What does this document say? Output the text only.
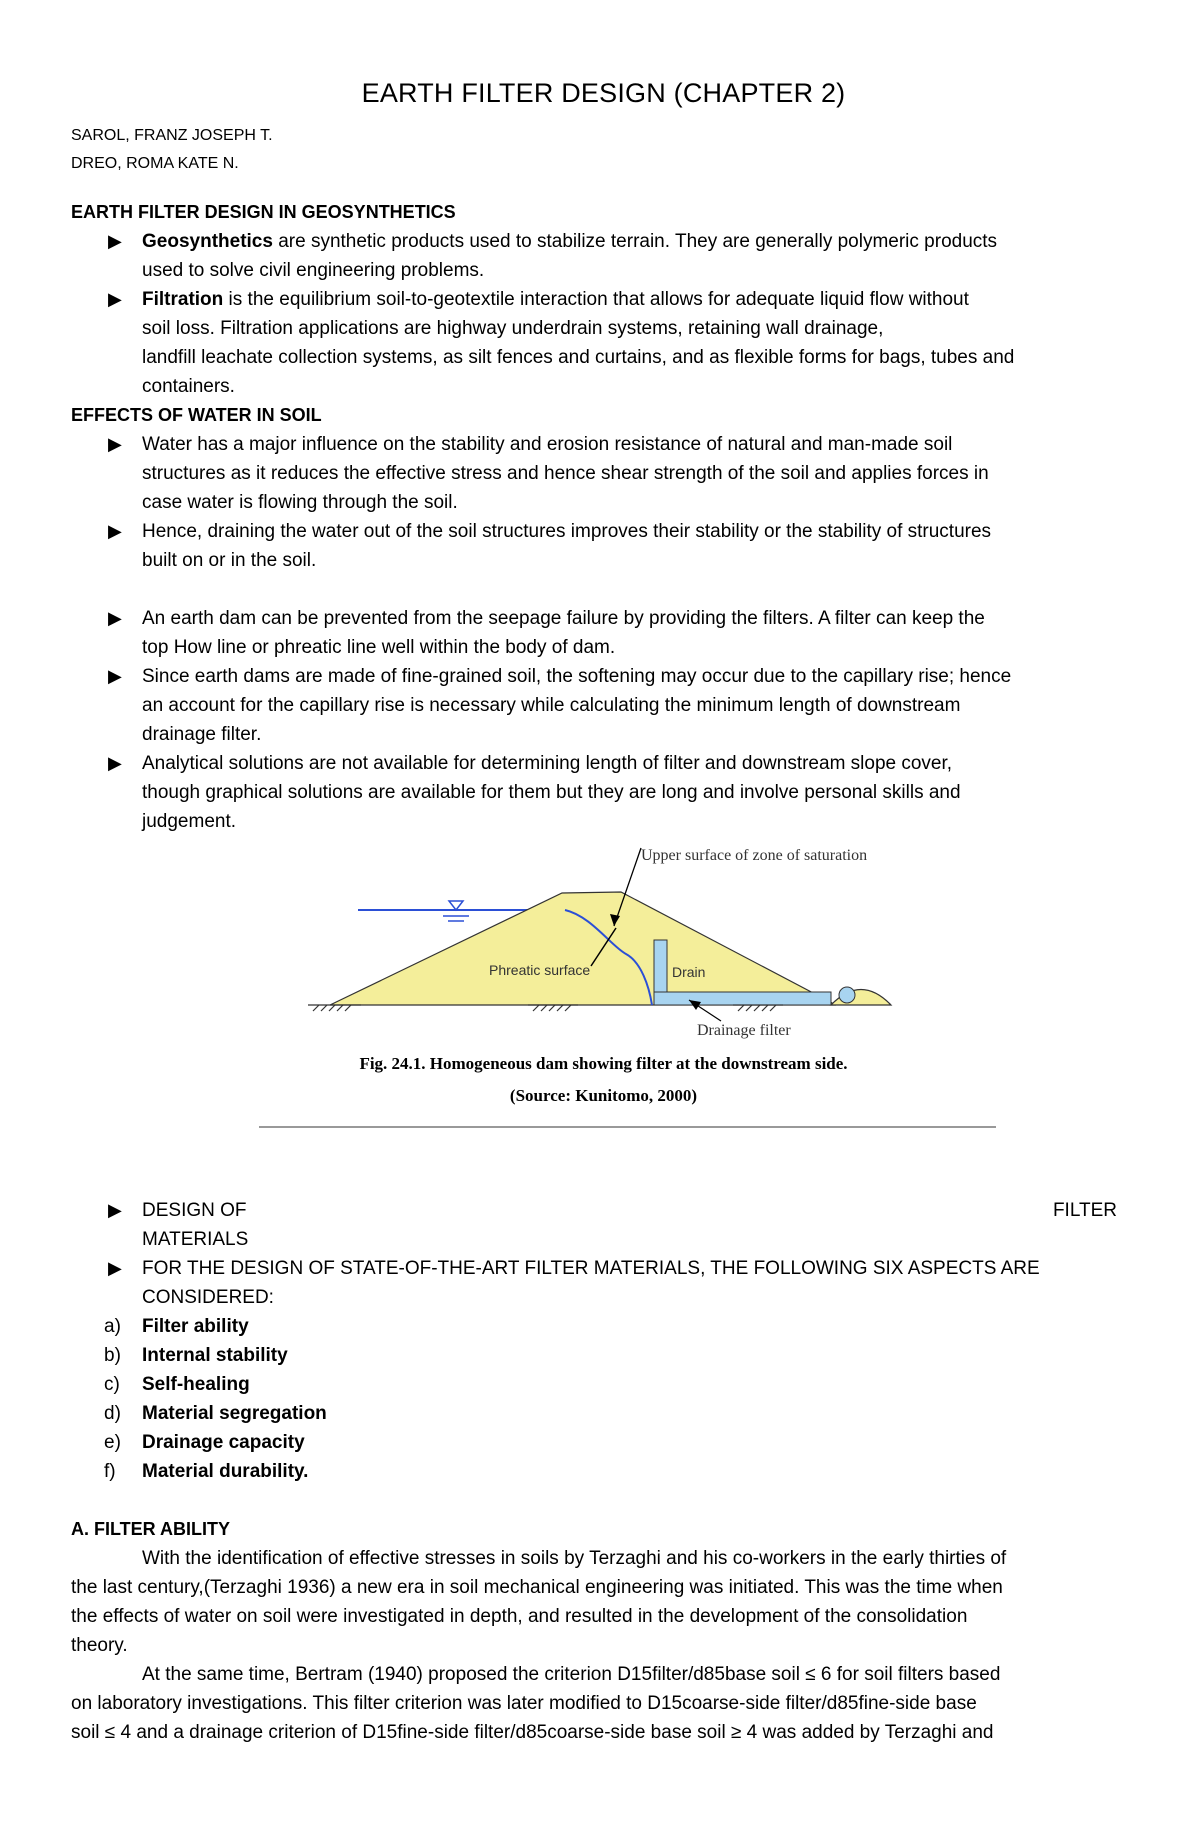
EARTH FILTER DESIGN (CHAPTER 2)

SAROL, FRANZ JOSEPH T.

DREO, ROMA KATE N.

EARTH FILTER DESIGN IN GEOSYNTHETICS

▶ Geosynthetics are synthetic products used to stabilize terrain. They are generally polymeric products
used to solve civil engineering problems.
▶ Filtration is the equilibrium soil-to-geotextile interaction that allows for adequate liquid flow without
soil loss. Filtration applications are highway underdrain systems, retaining wall drainage,
landfill leachate collection systems, as silt fences and curtains, and as flexible forms for bags, tubes and
containers.

EFFECTS OF WATER IN SOIL

▶ Water has a major influence on the stability and erosion resistance of natural and man-made soil
structures as it reduces the effective stress and hence shear strength of the soil and applies forces in
case water is flowing through the soil.
▶ Hence, draining the water out of the soil structures improves their stability or the stability of structures
built on or in the soil.
▶ An earth dam can be prevented from the seepage failure by providing the filters. A filter can keep the
top How line or phreatic line well within the body of dam.
▶ Since earth dams are made of fine-grained soil, the softening may occur due to the capillary rise; hence
an account for the capillary rise is necessary while calculating the minimum length of downstream
drainage filter.
▶ Analytical solutions are not available for determining length of filter and downstream slope cover,
though graphical solutions are available for them but they are long and involve personal skills and
judgement.
Upper surface of zone of saturation
Phreatic surface	Drain
Drainage filter
Fig. 24.1. Homogeneous dam showing filter at the downstream side.
(Source: Kunitomo, 2000)
▶ DESIGN OF	FILTER
MATERIALS
▶ FOR THE DESIGN OF STATE-OF-THE-ART FILTER MATERIALS, THE FOLLOWING SIX ASPECTS ARE
CONSIDERED:
a) Filter ability
b) Internal stability
c) Self-healing
d) Material segregation
e) Drainage capacity
f) Material durability.

A. FILTER ABILITY

With the identification of effective stresses in soils by Terzaghi and his co-workers in the early thirties of
the last century,(Terzaghi 1936) a new era in soil mechanical engineering was initiated. This was the time when
the effects of water on soil were investigated in depth, and resulted in the development of the consolidation
theory.

At the same time, Bertram (1940) proposed the criterion D15filter/d85base soil ≤ 6 for soil filters based
on laboratory investigations. This filter criterion was later modified to D15coarse-side filter/d85fine-side base
soil ≤ 4 and a drainage criterion of D15fine-side filter/d85coarse-side base soil ≥ 4 was added by Terzaghi and
